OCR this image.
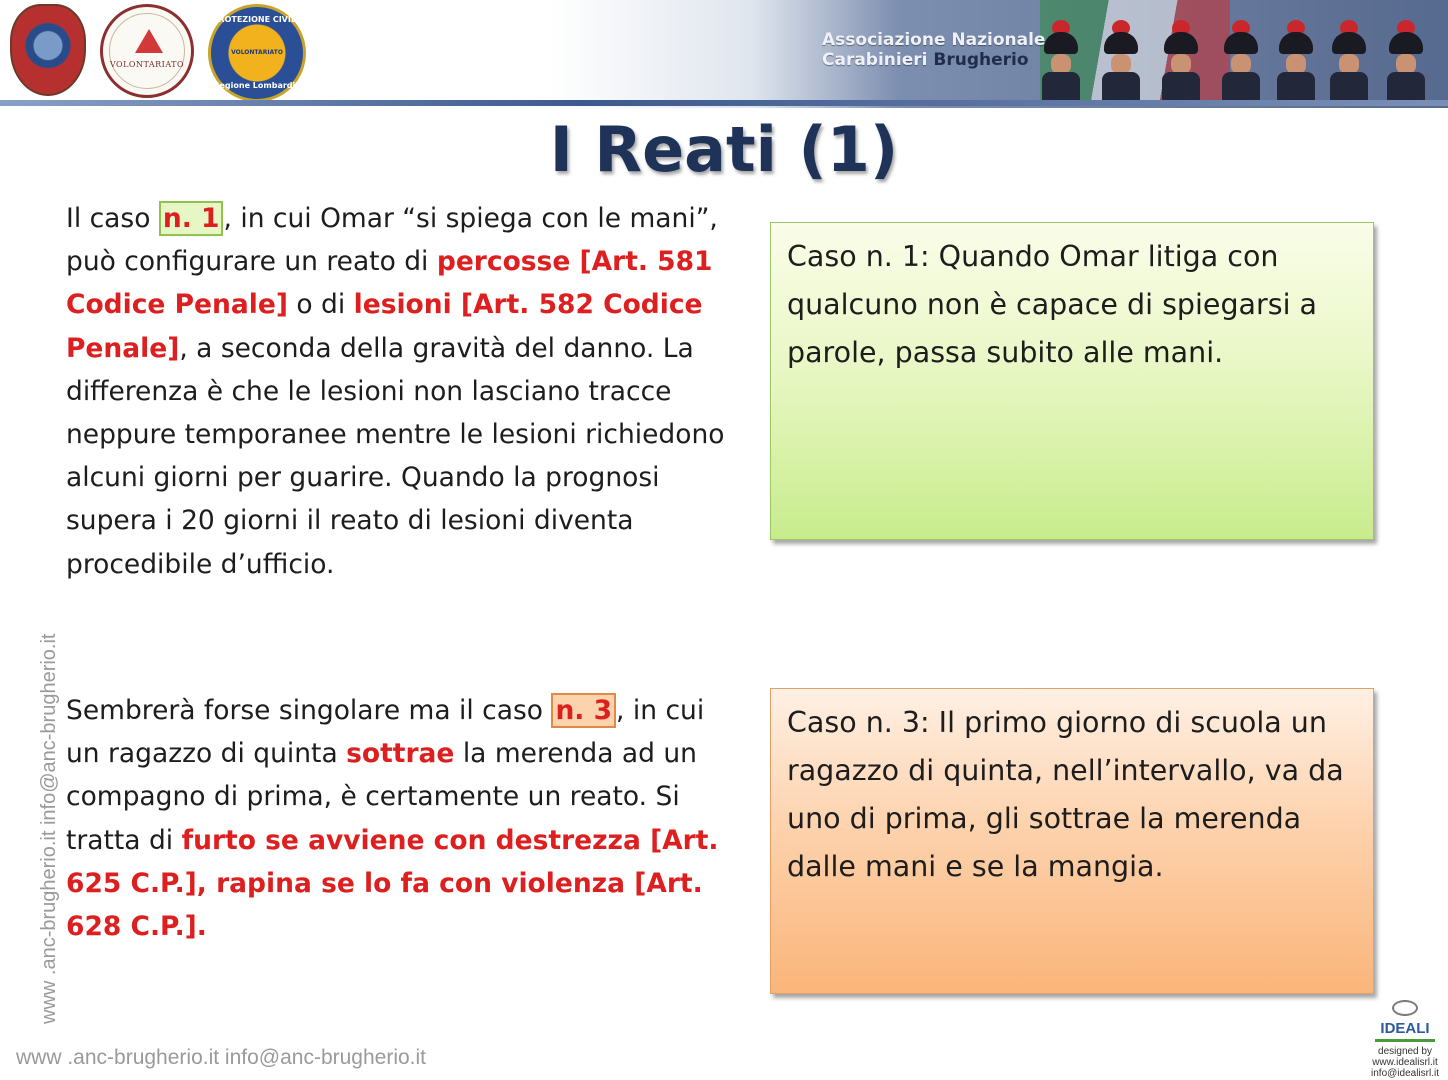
Associazione Nazionale
Carabinieri Brugherio
VOLONTARIATO
PROTEZIONE CIVILE
VOLONTARIATO
Regione Lombardia
I Reati (1)

Il caso n. 1 , in cui Omar “si spiega con le mani”, può configurare un reato di percosse [Art. 581 Codice Penale] o di lesioni [Art. 582 Codice Penale], a seconda della gravità del danno. La differenza è che le lesioni non lasciano tracce neppure temporanee mentre le lesioni richiedono alcuni giorni per guarire. Quando la prognosi supera i 20 giorni il reato di lesioni diventa procedibile d’ufficio.

Sembrerà forse singolare ma il caso n. 3 , in cui un ragazzo di quinta sottrae la merenda ad un compagno di prima, è certamente un reato. Si tratta di furto se avviene con destrezza [Art. 625 C.P.], rapina se lo fa con violenza [Art. 628 C.P.].

Caso n. 1: Quando Omar litiga con qualcuno non è capace di spiegarsi a parole, passa subito alle mani.
Caso n. 3: Il primo giorno di scuola un ragazzo di quinta, nell’intervallo, va da uno di prima, gli sottrae la merenda dalle mani e se la mangia.
www .anc-brugherio.it info@anc-brugherio.it
www .anc-brugherio.it info@anc-brugherio.it
IDEALI
designed by
www.idealisrl.it
info@idealisrl.it
